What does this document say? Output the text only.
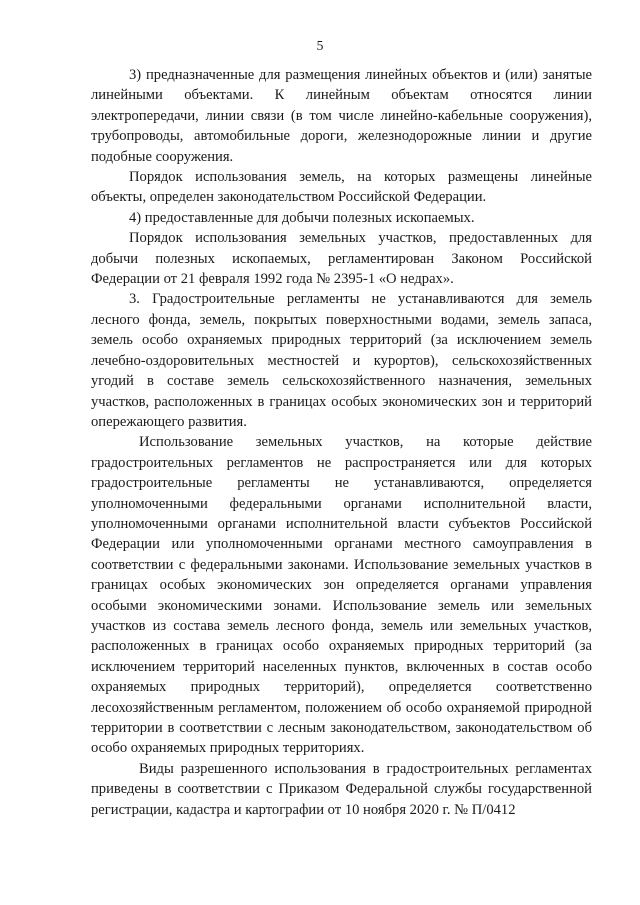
5

3) предназначенные для размещения линейных объектов и (или) занятые линейными объектами. К линейным объектам относятся линии электропередачи, линии связи (в том числе линейно-кабельные сооружения), трубопроводы, автомобильные дороги, железнодорожные линии и другие подобные сооружения.

Порядок использования земель, на которых размещены линейные объекты, определен законодательством Российской Федерации.

4) предоставленные для добычи полезных ископаемых.

Порядок использования земельных участков, предоставленных для добычи полезных ископаемых, регламентирован Законом Российской Федерации от 21 февраля 1992 года № 2395-1 «О недрах».

3. Градостроительные регламенты не устанавливаются для земель лесного фонда, земель, покрытых поверхностными водами, земель запаса, земель особо охраняемых природных территорий (за исключением земель лечебно-оздоровительных местностей и курортов), сельскохозяйственных угодий в составе земель сельскохозяйственного назначения, земельных участков, расположенных в границах особых экономических зон и территорий опережающего развития.

Использование земельных участков, на которые действие градостроительных регламентов не распространяется или для которых градостроительные регламенты не устанавливаются, определяется уполномоченными федеральными органами исполнительной власти, уполномоченными органами исполнительной власти субъектов Российской Федерации или уполномоченными органами местного самоуправления в соответствии с федеральными законами. Использование земельных участков в границах особых экономических зон определяется органами управления особыми экономическими зонами. Использование земель или земельных участков из состава земель лесного фонда, земель или земельных участков, расположенных в границах особо охраняемых природных территорий (за исключением территорий населенных пунктов, включенных в состав особо охраняемых природных территорий), определяется соответственно лесохозяйственным регламентом, положением об особо охраняемой природной территории в соответствии с лесным законодательством, законодательством об особо охраняемых природных территориях.

Виды разрешенного использования в градостроительных регламентах приведены в соответствии с Приказом Федеральной службы государственной регистрации, кадастра и картографии от 10 ноября 2020 г. № П/0412
